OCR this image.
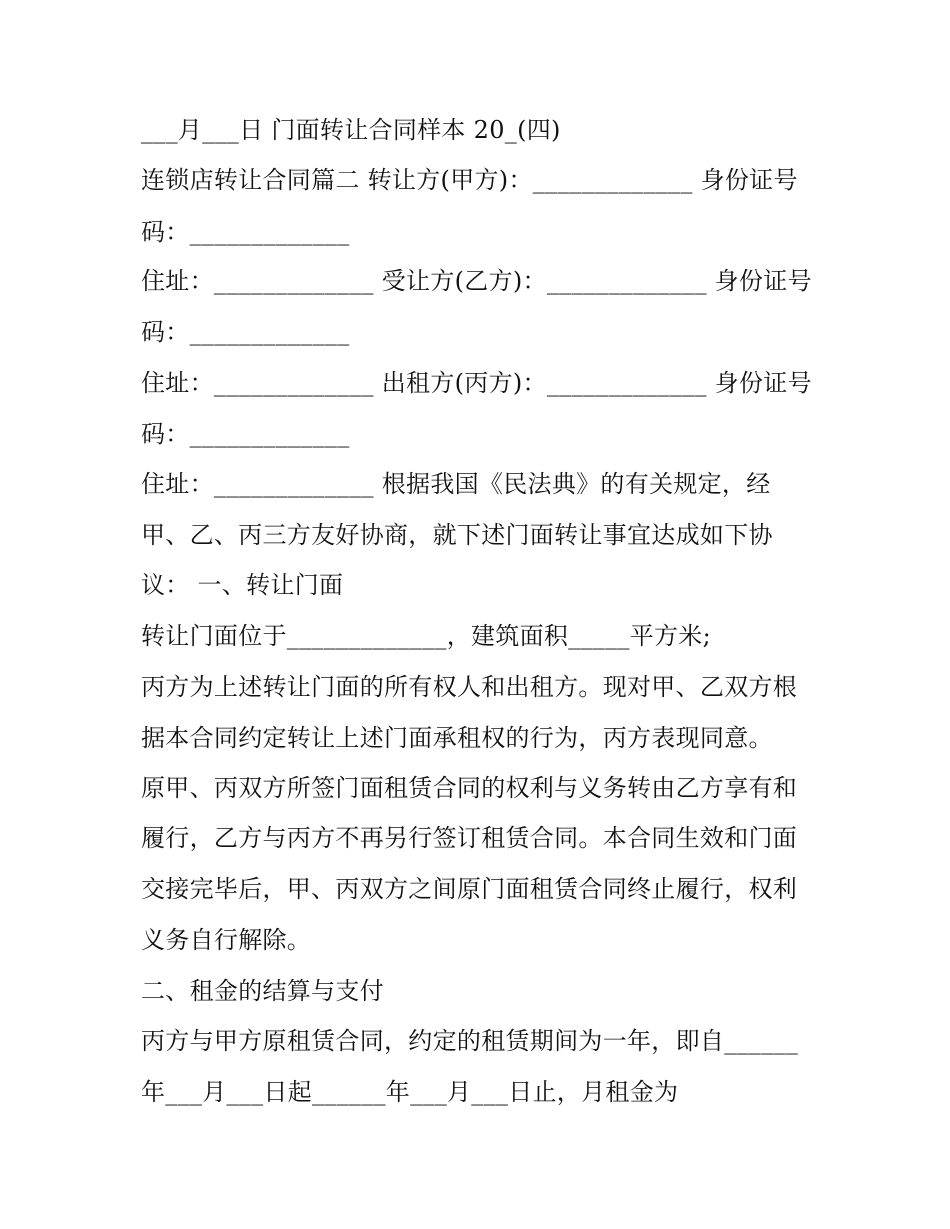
___月___日 门面转让合同样本 20_(四)
连锁店转让合同篇二 转让方(甲方)：_____________ 身份证号
码：_____________
住址：_____________ 受让方(乙方)：_____________ 身份证号
码：_____________
住址：_____________ 出租方(丙方)：_____________ 身份证号
码：_____________
住址：_____________ 根据我国《民法典》的有关规定，经
甲、乙、丙三方友好协商，就下述门面转让事宜达成如下协
议： 一、转让门面
转让门面位于_____________，建筑面积_____平方米;
丙方为上述转让门面的所有权人和出租方。现对甲、乙双方根
据本合同约定转让上述门面承租权的行为，丙方表现同意。
原甲、丙双方所签门面租赁合同的权利与义务转由乙方享有和
履行，乙方与丙方不再另行签订租赁合同。本合同生效和门面
交接完毕后，甲、丙双方之间原门面租赁合同终止履行，权利
义务自行解除。
二、租金的结算与支付
丙方与甲方原租赁合同，约定的租赁期间为一年，即自______
年___月___日起______年___月___日止，月租金为
